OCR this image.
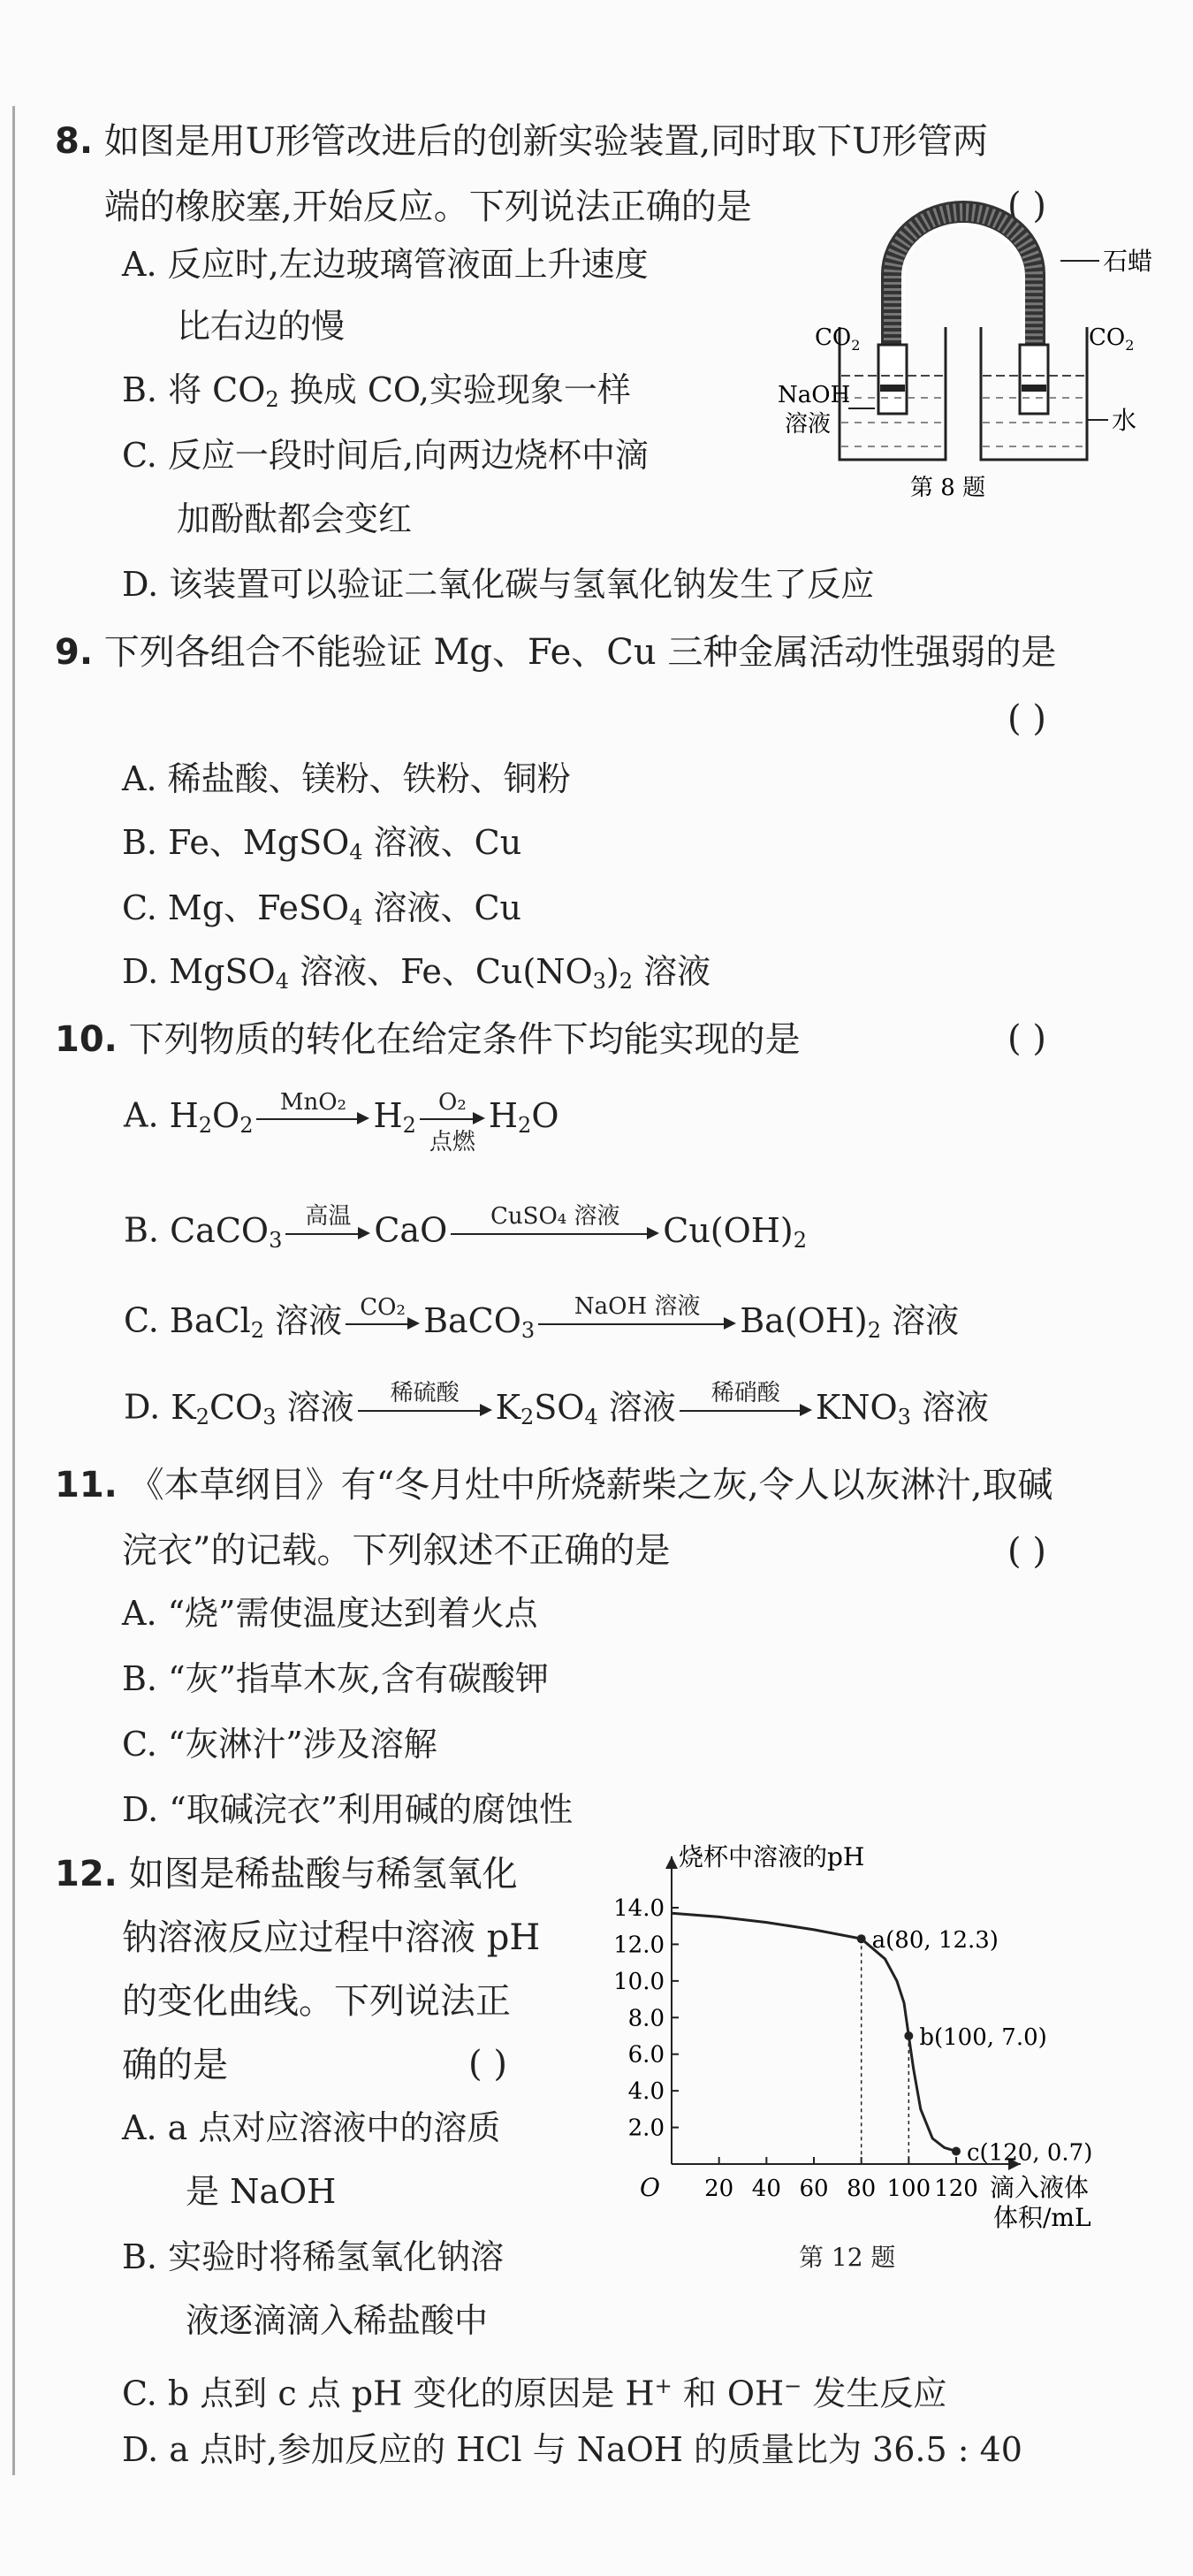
8. 如图是用U形管改进后的创新实验装置,同时取下U形管两
端的橡胶塞,开始反应。下列说法正确的是	( )
A. 反应时,左边玻璃管液面上升速度
比右边的慢
B. 将 $CO_2$ 换成 CO,实验现象一样
C. 反应一段时间后,向两边烧杯中滴
加酚酞都会变红
D. 该装置可以验证二氧化碳与氢氧化钠发生了反应
石蜡
$CO_2$	$CO_2$
NaOH
溶液	水
第 8 题
9. 下列各组合不能验证 Mg、Fe、Cu 三种金属活动性强弱的是
( )
A. 稀盐酸、镁粉、铁粉、铜粉
B. Fe、MgSO$_4$ 溶液、Cu
C. Mg、FeSO$_4$ 溶液、Cu
D. MgSO$_4$ 溶液、Fe、$Cu(NO_3)_2$ 溶液
10. 下列物质的转化在给定条件下均能实现的是	( )
A. $H_2O_2$
MnO₂ $H_2$
O₂
点燃
$H_2O$
B. CaCO$_3$
高温 CaO	CuSO₄ 溶液	$Cu(OH)_2$
C. BaCl$_2$ 溶液 CO₂ BaCO$_3$
NaOH 溶液	$Ba(OH)_2$ 溶液
D. $K_2CO_3$ 溶液	稀硫酸	$K_2SO_4$ 溶液	稀硝酸	$KNO_3$ 溶液
11. 《本草纲目》有“冬月灶中所烧薪柴之灰,令人以灰淋汁,取碱
浣衣”的记载。下列叙述不正确的是	( )
A. “烧”需使温度达到着火点
B. “灰”指草木灰,含有碳酸钾
C. “灰淋汁”涉及溶解
D. “取碱浣衣”利用碱的腐蚀性
12. 如图是稀盐酸与稀氢氧化
钠溶液反应过程中溶液 pH
的变化曲线。下列说法正
确的是	( )
A. a 点对应溶液中的溶质
是 NaOH
B. 实验时将稀氢氧化钠溶
液逐滴滴入稀盐酸中
C. b 点到 c 点 pH 变化的原因是 H+ 和 OH− 发生反应
D. a 点时,参加反应的 HCl 与 NaOH 的质量比为 36.5 : 40
20 40 60 80 100 120
2.0
4.0
6.0
8.0
10.0
12.0
14.0
a(80, 12.3)
b(100, 7.0)
c(120, 0.7)
烧杯中溶液的pH
滴入液体
体积/mL
O
第 12 题
